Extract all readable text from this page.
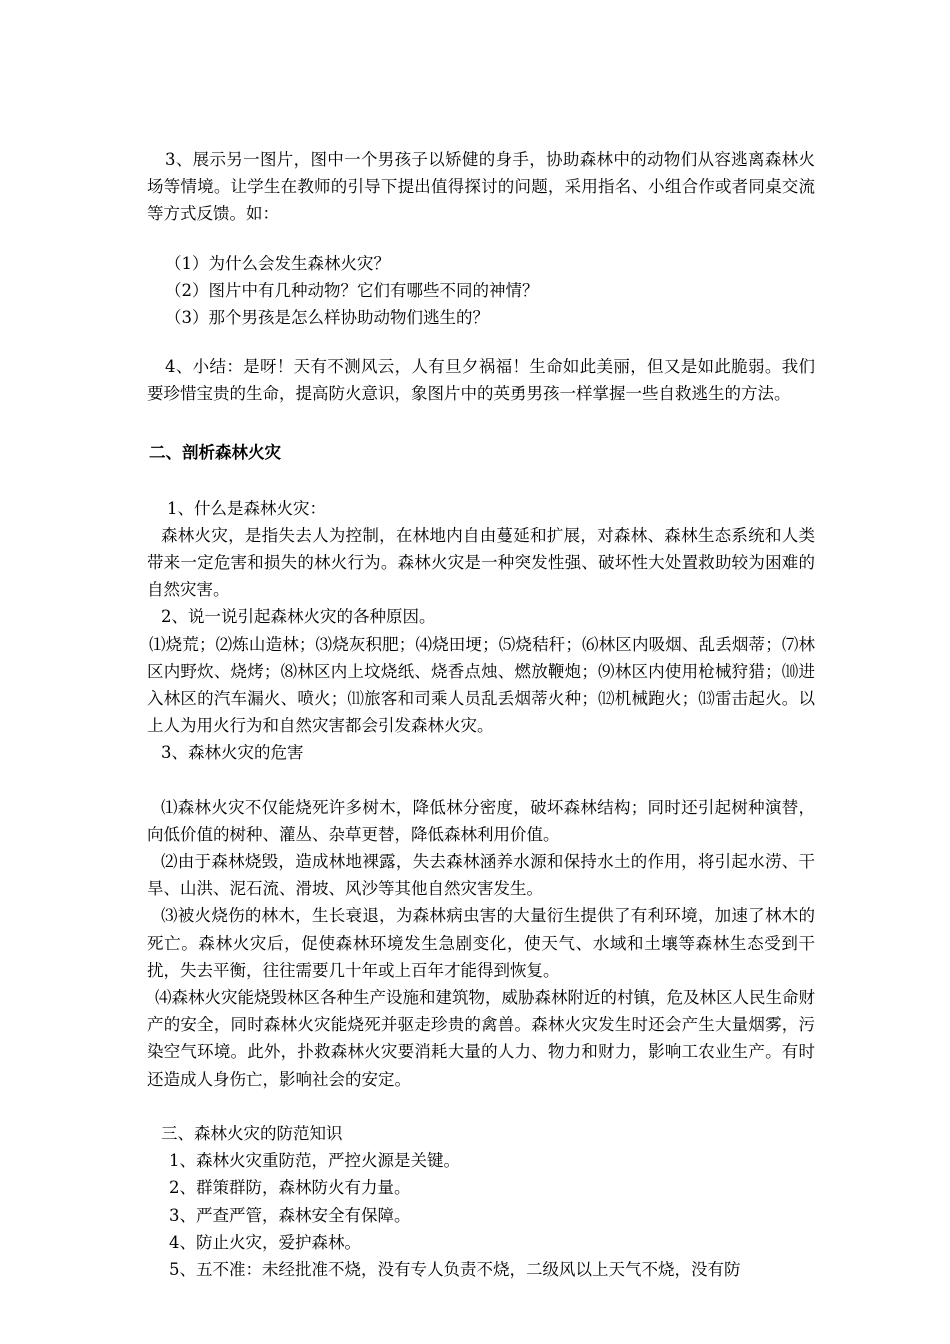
3、展示另一图片，图中一个男孩子以矫健的身手，协助森林中的动物们从容逃离森林火场等情境。让学生在教师的引导下提出值得探讨的问题，采用指名、小组合作或者同桌交流等方式反馈。如：

（1）为什么会发生森林火灾？

（2）图片中有几种动物？它们有哪些不同的神情？

（3）那个男孩是怎么样协助动物们逃生的？

4、小结：是呀！天有不测风云，人有旦夕祸福！生命如此美丽，但又是如此脆弱。我们要珍惜宝贵的生命，提高防火意识，象图片中的英勇男孩一样掌握一些自救逃生的方法。

二、剖析森林火灾

1、什么是森林火灾：

森林火灾，是指失去人为控制，在林地内自由蔓延和扩展，对森林、森林生态系统和人类带来一定危害和损失的林火行为。森林火灾是一种突发性强、破坏性大处置救助较为困难的自然灾害。

2、说一说引起森林火灾的各种原因。

⑴烧荒；⑵炼山造林；⑶烧灰积肥；⑷烧田埂；⑸烧秸秆；⑹林区内吸烟、乱丢烟蒂；⑺林区内野炊、烧烤；⑻林区内上坟烧纸、烧香点烛、燃放鞭炮；⑼林区内使用枪械狩猎；⑽进入林区的汽车漏火、喷火；⑾旅客和司乘人员乱丢烟蒂火种；⑿机械跑火；⒀雷击起火。以上人为用火行为和自然灾害都会引发森林火灾。

3、森林火灾的危害

⑴森林火灾不仅能烧死许多树木，降低林分密度，破坏森林结构；同时还引起树种演替，向低价值的树种、灌丛、杂草更替，降低森林利用价值。

⑵由于森林烧毁，造成林地裸露，失去森林涵养水源和保持水土的作用，将引起水涝、干旱、山洪、泥石流、滑坡、风沙等其他自然灾害发生。

⑶被火烧伤的林木，生长衰退，为森林病虫害的大量衍生提供了有利环境，加速了林木的死亡。森林火灾后，促使森林环境发生急剧变化，使天气、水域和土壤等森林生态受到干扰，失去平衡，往往需要几十年或上百年才能得到恢复。

⑷森林火灾能烧毁林区各种生产设施和建筑物，威胁森林附近的村镇，危及林区人民生命财产的安全，同时森林火灾能烧死并驱走珍贵的禽兽。森林火灾发生时还会产生大量烟雾，污染空气环境。此外，扑救森林火灾要消耗大量的人力、物力和财力，影响工农业生产。有时还造成人身伤亡，影响社会的安定。

三、森林火灾的防范知识

1、森林火灾重防范，严控火源是关键。

2、群策群防，森林防火有力量。

3、严查严管，森林安全有保障。

4、防止火灾，爱护森林。

5、五不准：未经批准不烧，没有专人负责不烧，二级风以上天气不烧，没有防
